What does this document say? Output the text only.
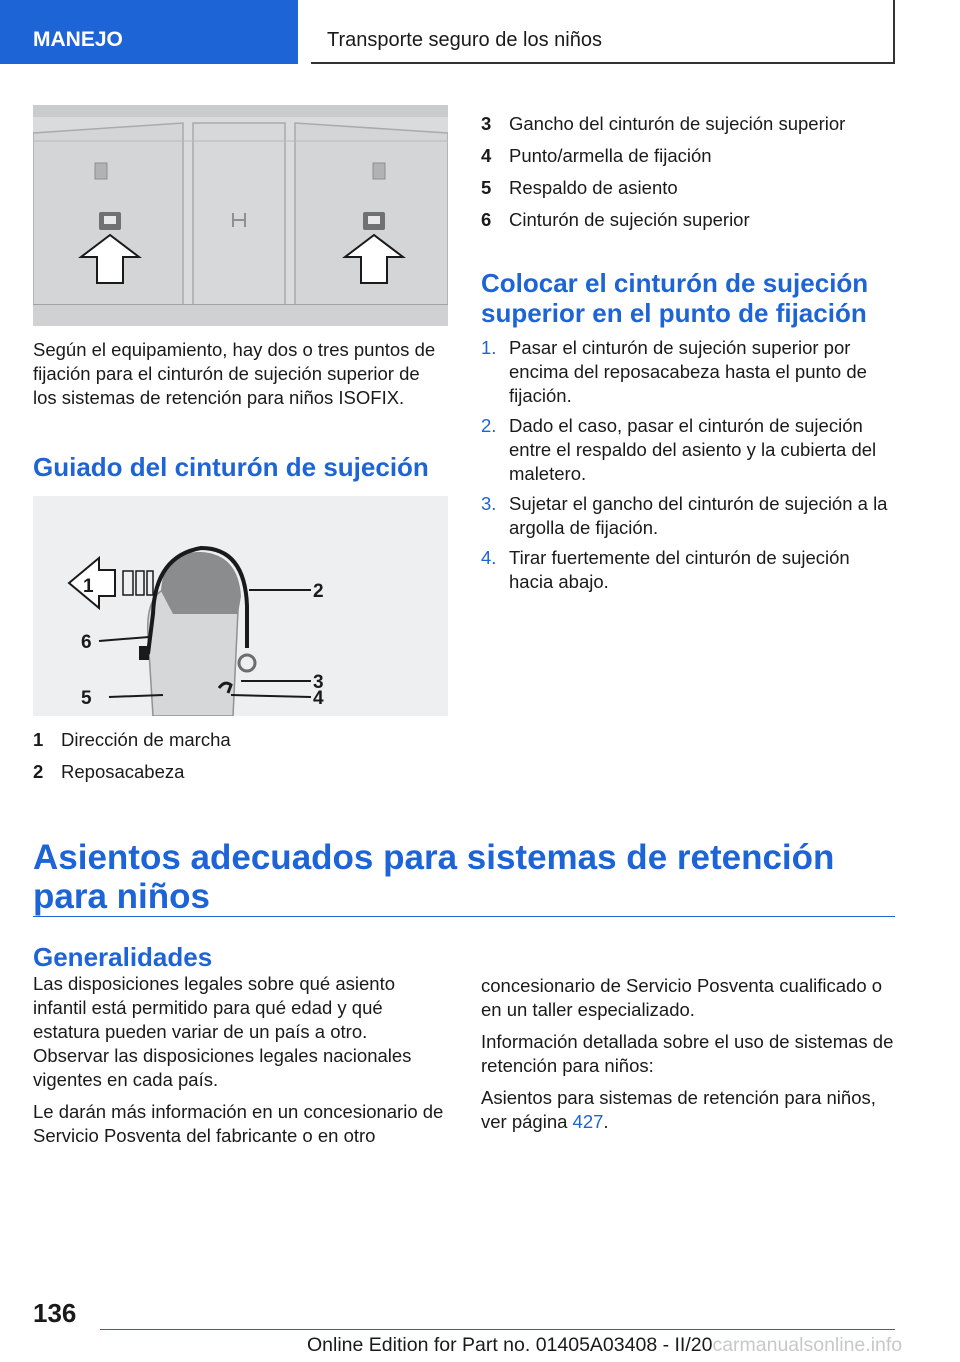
MANEJO	Transporte seguro de los niños

Según el equipamiento, hay dos o tres puntos de fijación para el cinturón de sujeción superior de los sistemas de retención para niños ISOFIX.

Guiado del cinturón de sujeción
1	2
6
3
5	4
1 Dirección de marcha
2 Reposacabeza
3 Gancho del cinturón de sujeción superior
4 Punto/armella de fijación
5 Respaldo de asiento
6 Cinturón de sujeción superior
Colocar el cinturón de sujeción superior en el punto de fijación
1. Pasar el cinturón de sujeción superior por encima del reposacabeza hasta el punto de fijación.
2. Dado el caso, pasar el cinturón de sujeción entre el respaldo del asiento y la cubierta del maletero.
3. Sujetar el gancho del cinturón de sujeción a la argolla de fijación.
4. Tirar fuertemente del cinturón de sujeción hacia abajo.
Asientos adecuados para sistemas de retención para niños
Generalidades

Las disposiciones legales sobre qué asiento infantil está permitido para qué edad y qué estatura pueden variar de un país a otro. Observar las disposiciones legales nacionales vigentes en cada país.

Le darán más información en un concesionario de Servicio Posventa del fabricante o en otro

concesionario de Servicio Posventa cualificado o en un taller especializado.

Información detallada sobre el uso de sistemas de retención para niños:

Asientos para sistemas de retención para niños, ver página 427.

136
Online Edition for Part no. 01405A03408 - II/20carmanualsonline.info
